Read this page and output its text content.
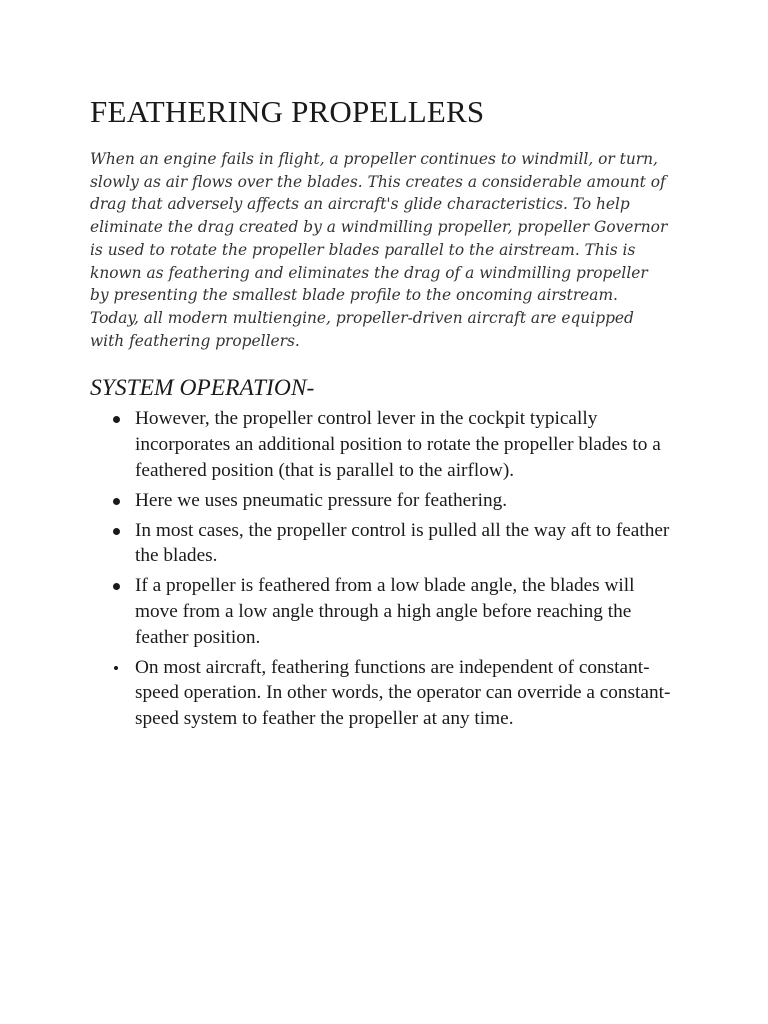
FEATHERING PROPELLERS

When an engine fails in flight, a propeller continues to windmill, or turn, slowly as air flows over the blades. This creates a considerable amount of drag that adversely affects an aircraft's glide characteristics. To help eliminate the drag created by a windmilling propeller, propeller Governor is used to rotate the propeller blades parallel to the airstream. This is known as feathering and eliminates the drag of a windmilling propeller by presenting the smallest blade profile to the oncoming airstream. Today, all modern multiengine, propeller-driven aircraft are equipped with feathering propellers.

SYSTEM OPERATION-
However, the propeller control lever in the cockpit typically incorporates an additional position to rotate the propeller blades to a feathered position (that is parallel to the airflow).
Here we uses pneumatic pressure for feathering.
In most cases, the propeller control is pulled all the way aft to feather the blades.
If a propeller is feathered from a low blade angle, the blades will move from a low angle through a high angle before reaching the feather position.
On most aircraft, feathering functions are independent of constant-speed operation. In other words, the operator can override a constant-speed system to feather the propeller at any time.
